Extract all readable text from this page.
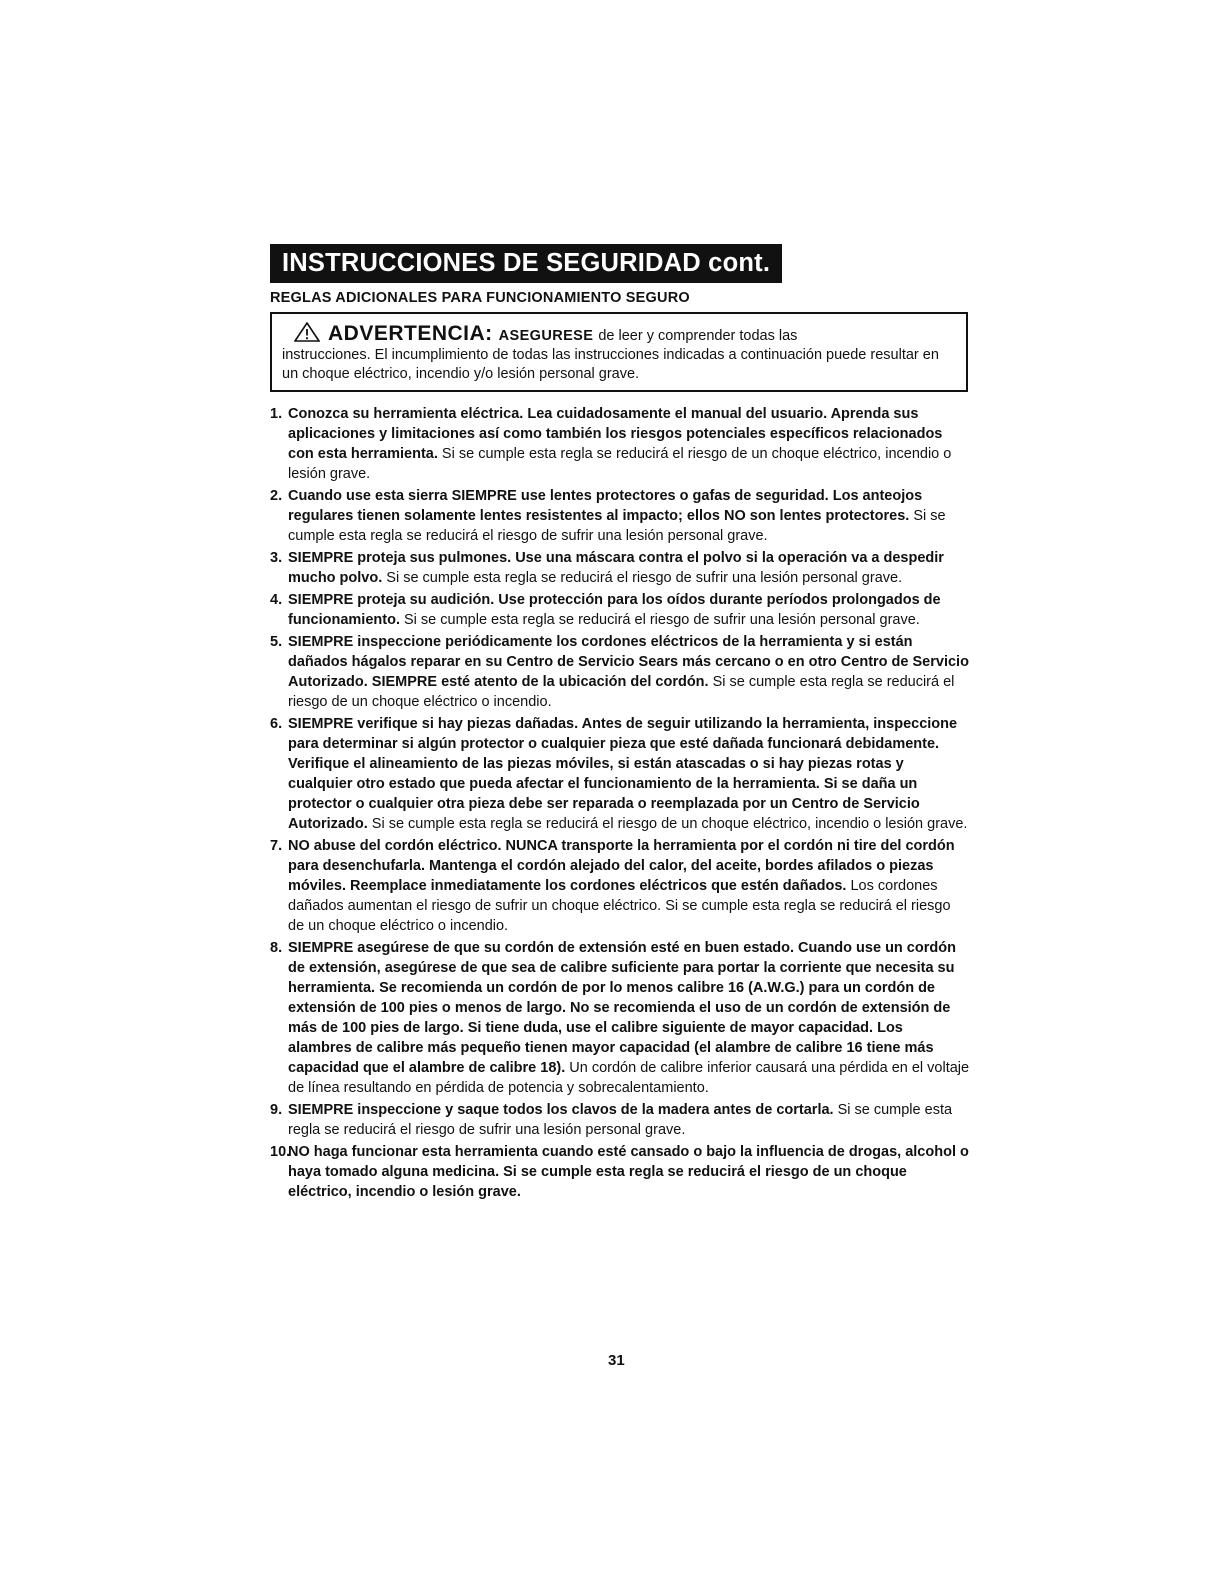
INSTRUCCIONES DE SEGURIDAD cont.
REGLAS ADICIONALES PARA FUNCIONAMIENTO SEGURO
ADVERTENCIA: ASEGURESE de leer y comprender todas las
instrucciones. El incumplimiento de todas las instrucciones indicadas a continuación puede resultar en un choque eléctrico, incendio y/o lesión personal grave.
1. Conozca su herramienta eléctrica. Lea cuidadosamente el manual del usuario. Aprenda sus aplicaciones y limitaciones así como también los riesgos potenciales específicos relacionados con esta herramienta. Si se cumple esta regla se reducirá el riesgo de un choque eléctrico, incendio o lesión grave.
2. Cuando use esta sierra SIEMPRE use lentes protectores o gafas de seguridad. Los anteojos regulares tienen solamente lentes resistentes al impacto; ellos NO son lentes protectores. Si se cumple esta regla se reducirá el riesgo de sufrir una lesión personal grave.
3. SIEMPRE proteja sus pulmones. Use una máscara contra el polvo si la operación va a despedir mucho polvo. Si se cumple esta regla se reducirá el riesgo de sufrir una lesión personal grave.
4. SIEMPRE proteja su audición. Use protección para los oídos durante períodos prolongados de funcionamiento. Si se cumple esta regla se reducirá el riesgo de sufrir una lesión personal grave.
5. SIEMPRE inspeccione periódicamente los cordones eléctricos de la herramienta y si están dañados hágalos reparar en su Centro de Servicio Sears más cercano o en otro Centro de Servicio Autorizado. SIEMPRE esté atento de la ubicación del cordón. Si se cumple esta regla se reducirá el riesgo de un choque eléctrico o incendio.
6. SIEMPRE verifique si hay piezas dañadas. Antes de seguir utilizando la herramienta, inspeccione para determinar si algún protector o cualquier pieza que esté dañada funcionará debidamente. Verifique el alineamiento de las piezas móviles, si están atascadas o si hay piezas rotas y cualquier otro estado que pueda afectar el funcionamiento de la herramienta. Si se daña un protector o cualquier otra pieza debe ser reparada o reemplazada por un Centro de Servicio Autorizado. Si se cumple esta regla se reducirá el riesgo de un choque eléctrico, incendio o lesión grave.
7. NO abuse del cordón eléctrico. NUNCA transporte la herramienta por el cordón ni tire del cordón para desenchufarla. Mantenga el cordón alejado del calor, del aceite, bordes afilados o piezas móviles. Reemplace inmediatamente los cordones eléctricos que estén dañados. Los cordones dañados aumentan el riesgo de sufrir un choque eléctrico. Si se cumple esta regla se reducirá el riesgo de un choque eléctrico o incendio.
8. SIEMPRE asegúrese de que su cordón de extensión esté en buen estado. Cuando use un cordón de extensión, asegúrese de que sea de calibre suficiente para portar la corriente que necesita su herramienta. Se recomienda un cordón de por lo menos calibre 16 (A.W.G.) para un cordón de extensión de 100 pies o menos de largo. No se recomienda el uso de un cordón de extensión de más de 100 pies de largo. Si tiene duda, use el calibre siguiente de mayor capacidad. Los alambres de calibre más pequeño tienen mayor capacidad (el alambre de calibre 16 tiene más capacidad que el alambre de calibre 18). Un cordón de calibre inferior causará una pérdida en el voltaje de línea resultando en pérdida de potencia y sobrecalentamiento.
9. SIEMPRE inspeccione y saque todos los clavos de la madera antes de cortarla. Si se cumple esta regla se reducirá el riesgo de sufrir una lesión personal grave.
10.
NO haga funcionar esta herramienta cuando esté cansado o bajo la influencia de drogas, alcohol o haya tomado alguna medicina. Si se cumple esta regla se reducirá el riesgo de un choque eléctrico, incendio o lesión grave.
31
